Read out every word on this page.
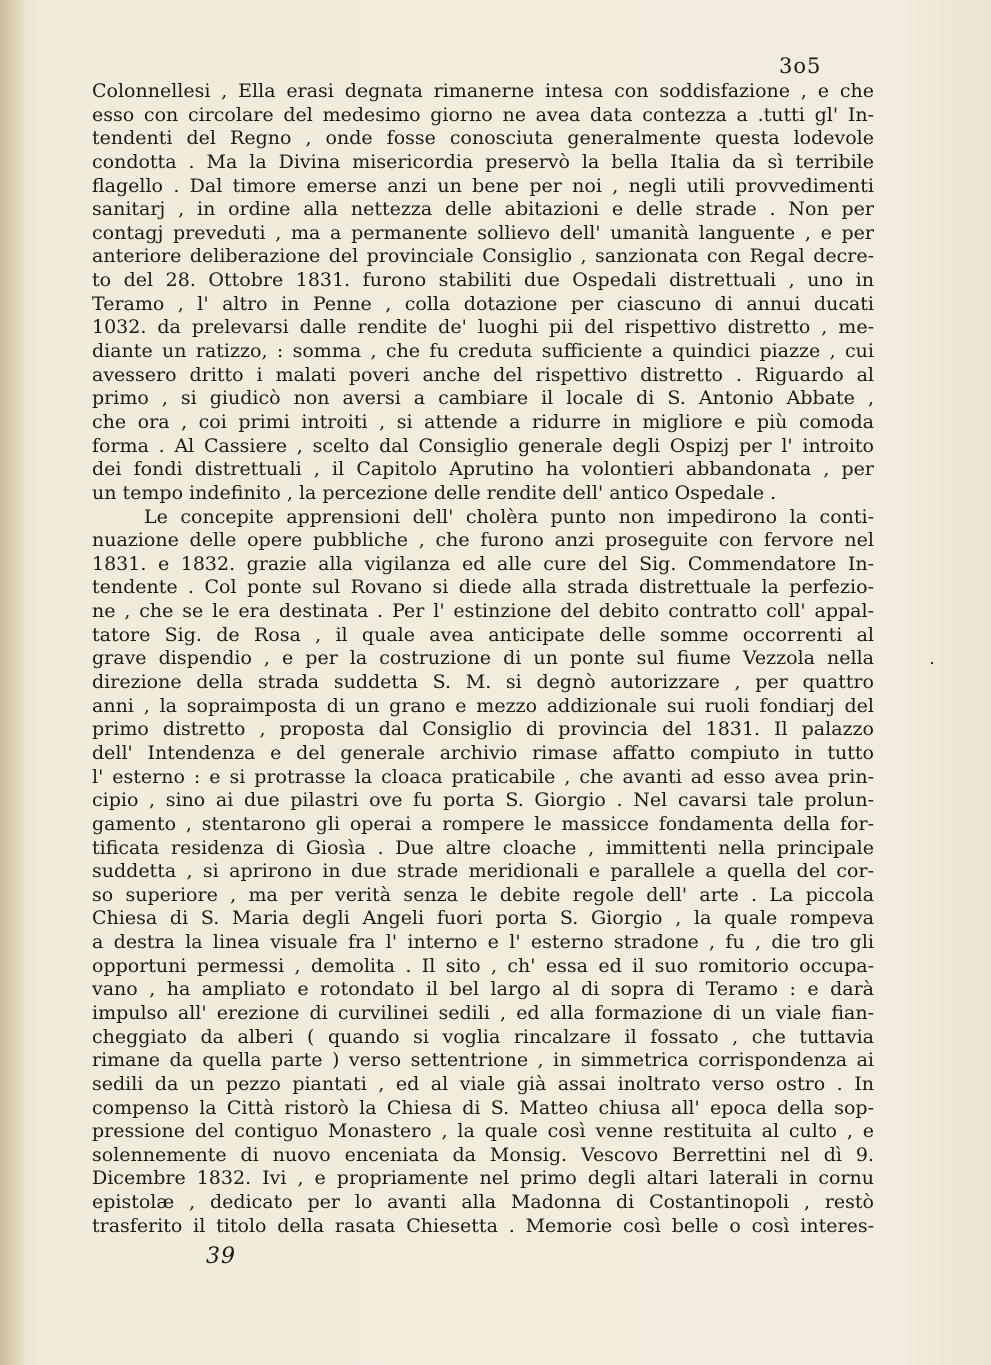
3o5
Colonnellesi , Ella erasi degnata rimanerne intesa con soddisfazione , e che
esso con circolare del medesimo giorno ne avea data contezza a .tutti gl' In-
tendenti del Regno , onde fosse conosciuta generalmente questa lodevole
condotta . Ma la Divina misericordia preservò la bella Italia da sì terribile
flagello . Dal timore emerse anzi un bene per noi , negli utili provvedimenti
sanitarj , in ordine alla nettezza delle abitazioni e delle strade . Non per
contagj preveduti , ma a permanente sollievo dell' umanità languente , e per
anteriore deliberazione del provinciale Consiglio , sanzionata con Regal decre-
to del 28. Ottobre 1831. furono stabiliti due Ospedali distrettuali , uno in
Teramo , l' altro in Penne , colla dotazione per ciascuno di annui ducati
1032. da prelevarsi dalle rendite de' luoghi pii del rispettivo distretto , me-
diante un ratizzo, : somma , che fu creduta sufficiente a quindici piazze , cui
avessero dritto i malati poveri anche del rispettivo distretto . Riguardo al
primo , si giudicò non aversi a cambiare il locale di S. Antonio Abbate ,
che ora , coi primi introiti , si attende a ridurre in migliore e più comoda
forma . Al Cassiere , scelto dal Consiglio generale degli Ospizj per l' introito
dei fondi distrettuali , il Capitolo Aprutino ha volontieri abbandonata , per
un tempo indefinito , la percezione delle rendite dell' antico Ospedale .
Le concepite apprensioni dell' cholèra punto non impedirono la conti-
nuazione delle opere pubbliche , che furono anzi proseguite con fervore nel
1831. e 1832. grazie alla vigilanza ed alle cure del Sig. Commendatore In-
tendente . Col ponte sul Rovano si diede alla strada distrettuale la perfezio-
ne , che se le era destinata . Per l' estinzione del debito contratto coll' appal-
tatore Sig. de Rosa , il quale avea anticipate delle somme occorrenti al
grave dispendio , e per la costruzione di un ponte sul fiume Vezzola nella
direzione della strada suddetta S. M. si degnò autorizzare , per quattro
anni , la sopraimposta di un grano e mezzo addizionale sui ruoli fondiarj del
primo distretto , proposta dal Consiglio di provincia del 1831. Il palazzo
dell' Intendenza e del generale archivio rimase affatto compiuto in tutto
l' esterno : e si protrasse la cloaca praticabile , che avanti ad esso avea prin-
cipio , sino ai due pilastri ove fu porta S. Giorgio . Nel cavarsi tale prolun-
gamento , stentarono gli operai a rompere le massicce fondamenta della for-
tificata residenza di Giosìa . Due altre cloache , immittenti nella principale
suddetta , si aprirono in due strade meridionali e parallele a quella del cor-
so superiore , ma per verità senza le debite regole dell' arte . La piccola
Chiesa di S. Maria degli Angeli fuori porta S. Giorgio , la quale rompeva
a destra la linea visuale fra l' interno e l' esterno stradone , fu , die tro gli
opportuni permessi , demolita . Il sito , ch' essa ed il suo romitorio occupa-
vano , ha ampliato e rotondato il bel largo al di sopra di Teramo : e darà
impulso all' erezione di curvilinei sedili , ed alla formazione di un viale fian-
cheggiato da alberi ( quando si voglia rincalzare il fossato , che tuttavia
rimane da quella parte ) verso settentrione , in simmetrica corrispondenza ai
sedili da un pezzo piantati , ed al viale già assai inoltrato verso ostro . In
compenso la Città ristorò la Chiesa di S. Matteo chiusa all' epoca della sop-
pressione del contiguo Monastero , la quale così venne restituita al culto , e
solennemente di nuovo enceniata da Monsig. Vescovo Berrettini nel dì 9.
Dicembre 1832. Ivi , e propriamente nel primo degli altari laterali in cornu
epistolæ , dedicato per lo avanti alla Madonna di Costantinopoli , restò
trasferito il titolo della rasata Chiesetta . Memorie così belle o così interes-
39
